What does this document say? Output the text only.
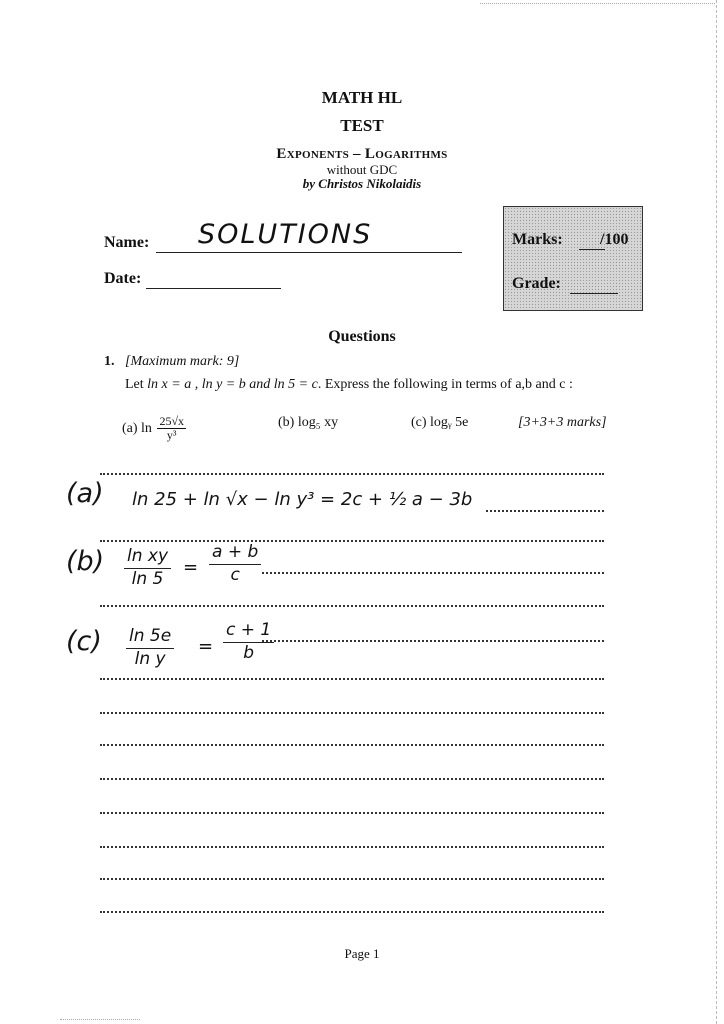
MATH HL
TEST
Exponents – Logarithms
without GDC
by Christos Nikolaidis
Name: SOLUTIONS
Date:
Marks: /100
Grade:
Questions
1. [Maximum mark: 9]
Let ln x = a , ln y = b and ln 5 = c. Express the following in terms of a,b and c :
(a) $\ln \frac{25√x}{\text{y³}}$	(b) log₅ xy	(c) logᵧ 5e	[3+3+3 marks]
(a) ln 25 + ln √x − ln y³ = 2c + ½ a − 3b
$(b) \frac{\text{ln xy}}{\ln 5} = \frac{a + b}{c}$
$(c) \frac{\ln 5e}{\text{ln y}} = \frac{c + 1}{b}$
Page 1
